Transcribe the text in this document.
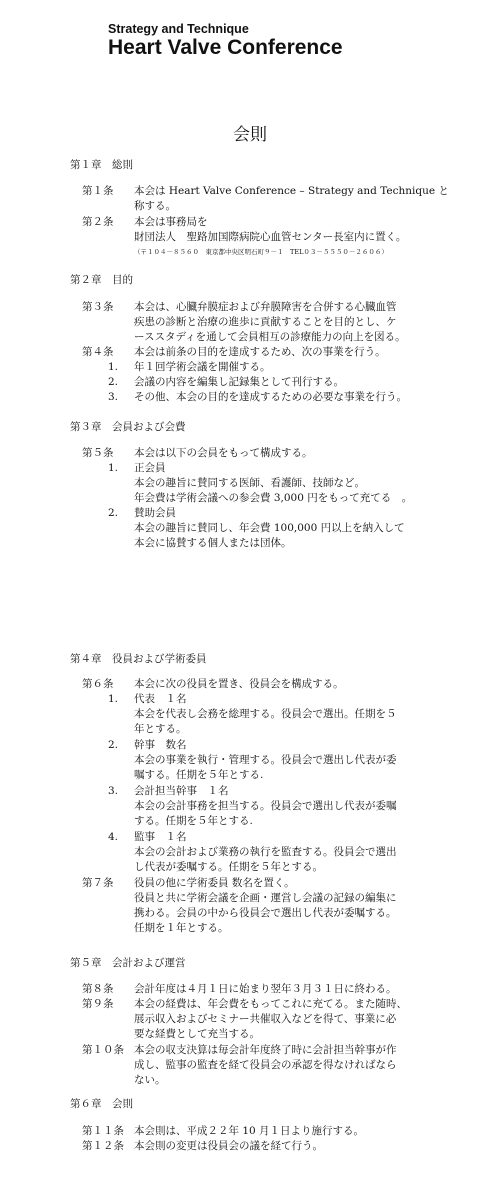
Strategy and Technique
Heart Valve Conference
会則
第１章　総則
第１条 本会は Heart Valve Conference – Strategy and Technique と
称する。
第２条 本会は事務局を
財団法人　聖路加国際病院心血管センター長室内に置く。
（〒１０４－８５６０　東京都中央区明石町９－１　TEL０３－５５５０－２６０６）
第２章　目的
第３条 本会は、心臓弁膜症および弁膜障害を合併する心臓血管
疾患の診断と治療の進歩に貢献することを目的とし、ケ
ーススタディを通して会員相互の診療能力の向上を図る。
第４条 本会は前条の目的を達成するため、次の事業を行う。
1. 年１回学術会議を開催する。
2. 会議の内容を編集し記録集として刊行する。
3. その他、本会の目的を達成するための必要な事業を行う。
第３章　会員および会費
第５条 本会は以下の会員をもって構成する。
1. 正会員
本会の趣旨に賛同する医師、看護師、技師など。
年会費は学術会議への参会費 3,000 円をもって充てる　。
2. 賛助会員
本会の趣旨に賛同し、年会費 100,000 円以上を納入して
本会に協賛する個人または団体。
第４章　役員および学術委員
第６条 本会に次の役員を置き、役員会を構成する。
1. 代表　１名
本会を代表し会務を総理する。役員会で選出。任期を５
年とする。
2. 幹事　数名
本会の事業を執行・管理する。役員会で選出し代表が委
嘱する。任期を５年とする.
3. 会計担当幹事　１名
本会の会計事務を担当する。役員会で選出し代表が委嘱
する。任期を５年とする.
4. 監事　１名
本会の会計および業務の執行を監査する。役員会で選出
し代表が委嘱する。任期を５年とする。
第７条 役員の他に学術委員 数名を置く。
役員と共に学術会議を企画・運営し会議の記録の編集に
携わる。会員の中から役員会で選出し代表が委嘱する。
任期を１年とする。
第５章　会計および運営
第８条 会計年度は４月１日に始まり翌年３月３１日に終わる。
第９条 本会の経費は、年会費をもってこれに充てる。また随時、
展示収入およびセミナー共催収入などを得て、事業に必
要な経費として充当する。
第１０条 本会の収支決算は毎会計年度終了時に会計担当幹事が作
成し、監事の監査を経て役員会の承認を得なければなら
ない。
第６章　会則
第１１条 本会則は、平成２２年 10 月１日より施行する。
第１２条 本会則の変更は役員会の議を経て行う。
